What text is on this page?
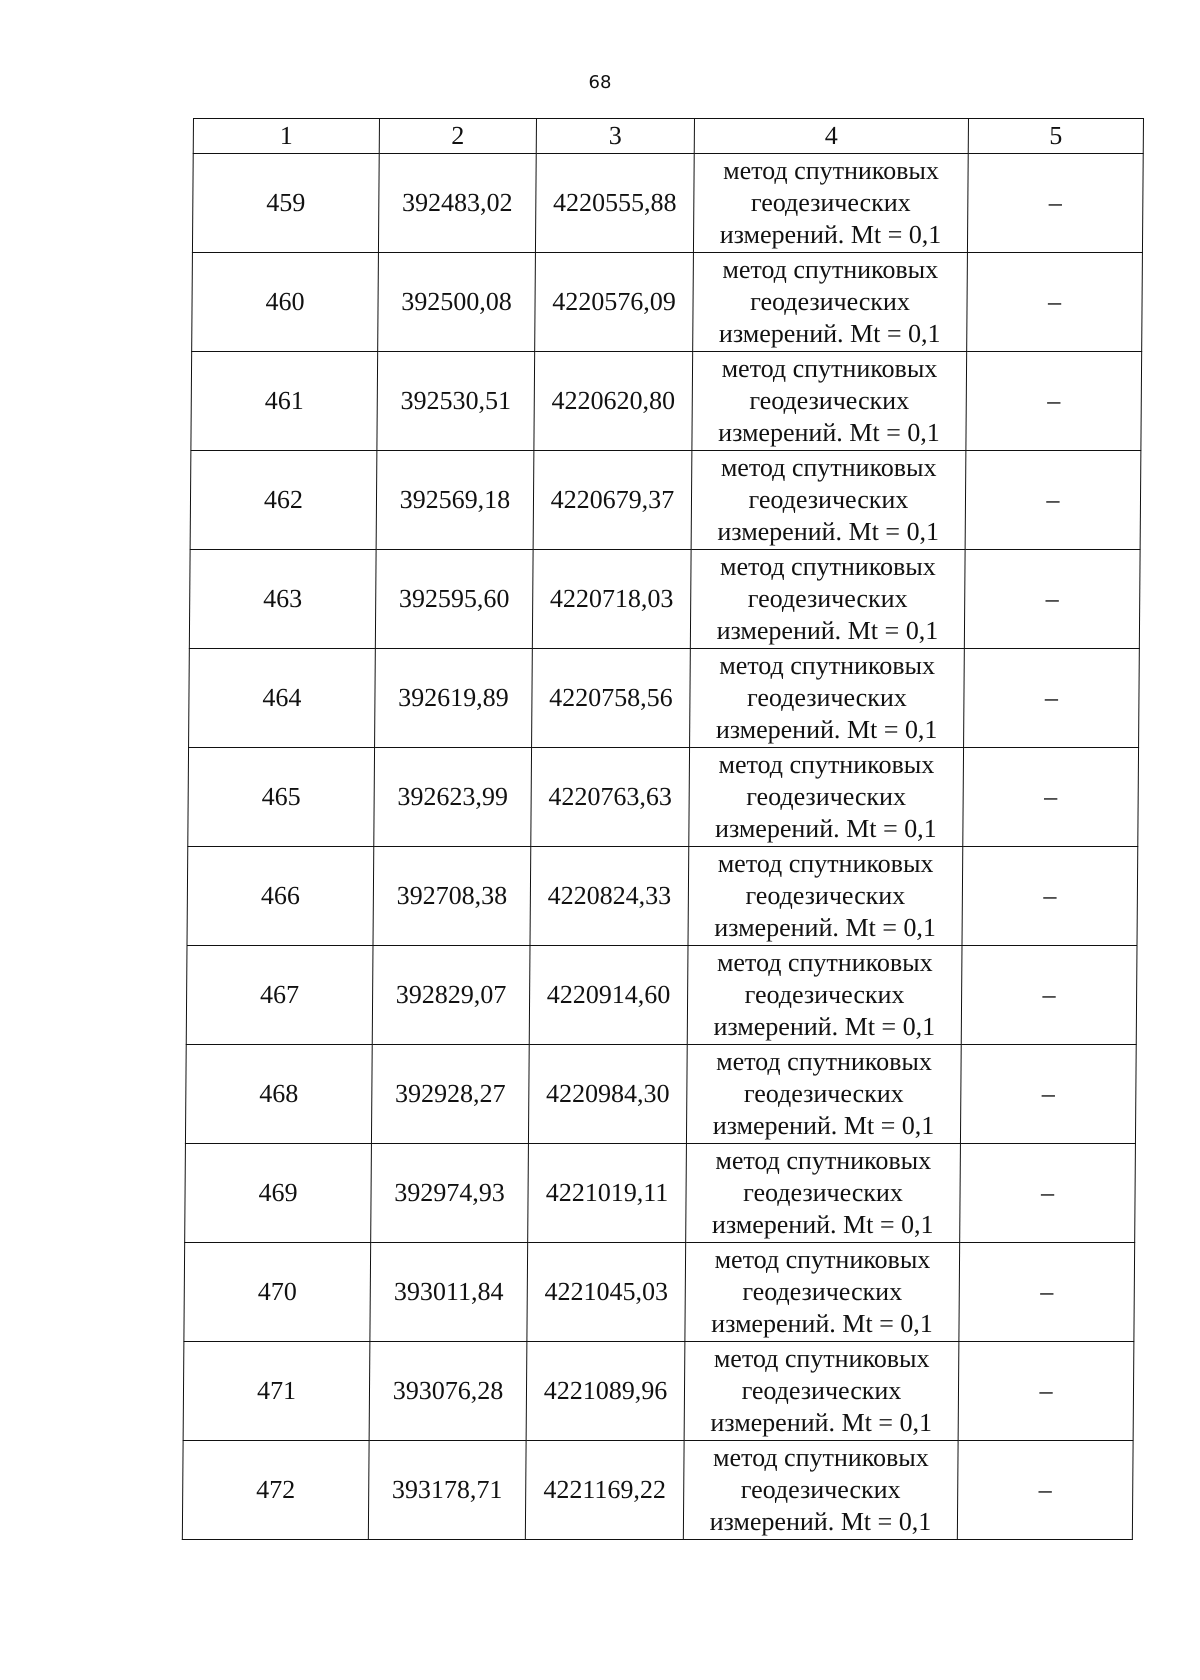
68
1	2	3	4	5
459	392483,02	4220555,88	метод спутниковых
геодезических
измерений. Mt = 0,1	–
460	392500,08	4220576,09	метод спутниковых
геодезических
измерений. Mt = 0,1	–
461	392530,51	4220620,80	метод спутниковых
геодезических
измерений. Mt = 0,1	–
462	392569,18	4220679,37	метод спутниковых
геодезических
измерений. Mt = 0,1	–
463	392595,60	4220718,03	метод спутниковых
геодезических
измерений. Mt = 0,1	–
464	392619,89	4220758,56	метод спутниковых
геодезических
измерений. Mt = 0,1	–
465	392623,99	4220763,63	метод спутниковых
геодезических
измерений. Mt = 0,1	–
466	392708,38	4220824,33	метод спутниковых
геодезических
измерений. Mt = 0,1	–
467	392829,07	4220914,60	метод спутниковых
геодезических
измерений. Mt = 0,1	–
468	392928,27	4220984,30	метод спутниковых
геодезических
измерений. Mt = 0,1	–
469	392974,93	4221019,11	метод спутниковых
геодезических
измерений. Mt = 0,1	–
470	393011,84	4221045,03	метод спутниковых
геодезических
измерений. Mt = 0,1	–
471	393076,28	4221089,96	метод спутниковых
геодезических
измерений. Mt = 0,1	–
472	393178,71	4221169,22	метод спутниковых
геодезических
измерений. Mt = 0,1	–
